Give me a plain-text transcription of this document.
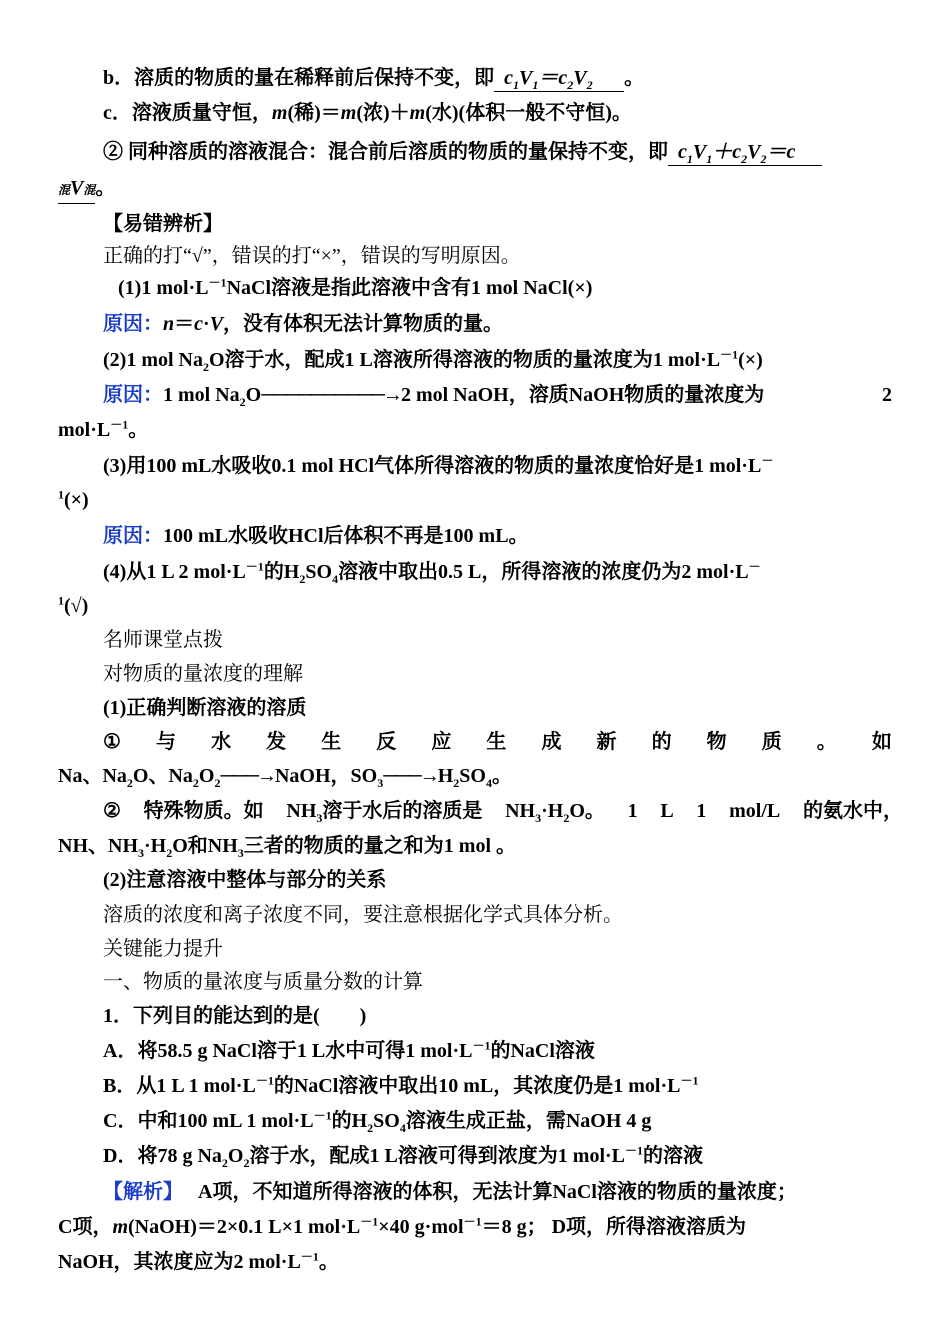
b．溶质的物质的量在稀释前后保持不变，即  $c_1V_1=c_2V_2$ 。
c．溶液质量守恒，m(稀)＝m(浓)＋m(水)(体积一般不守恒)。
② 同种溶质的溶液混合：混合前后溶质的物质的量保持不变，即  $c_1V_1+c_2V_2=c$
混V混。
【易错辨析】
正确的打“√”，错误的打“×”，错误的写明原因。
(1)1 $mol\cdot L^{-1}NaCl$溶液是指此溶液中含有1 mol NaCl(×)
原因：n＝c·V，没有体积无法计算物质的量。
(2)1 mol $Na_2O$溶于水，配成1 L溶液所得溶液的物质的量浓度为1 $mol\cdot L^{-1}(\times)$
原因：1 mol $Na_2O──────────\to 2$ mol NaOH，溶质NaOH物质的量浓度为	2
$mol\cdot L^{-1}$。
(3)用100 mL水吸收0.1 mol HCl气体所得溶液的物质的量浓度恰好是1 mol·L－
$^1$(×)
原因：100 mL水吸收HCl后体积不再是100 mL。
(4)从1 L 2 $mol\cdot L^{-1}$的$H_2SO_4$溶液中取出0.5 L，所得溶液的浓度仍为2 mol·L－
$^1$(√)
名师课堂点拨
对物质的量浓度的理解
(1)正确判断溶液的溶质
① 与 水 发 生 反 应 生 成 新 的 物 质 。 如
Na、$Na_2O$、$Na_2O_2───\to NaOH$，$SO_3───\to H_2SO_4$。
② 特殊物质。如 $NH_3$溶于水后的溶质是 $NH_3\cdot H_2O$。 1 L 1 mol/L 的氨水中，
NH、$NH_3\cdot H_2O$和$NH_3$三者的物质的量之和为1 mol 。
(2)注意溶液中整体与部分的关系
溶质的浓度和离子浓度不同，要注意根据化学式具体分析。
关键能力提升
一、物质的量浓度与质量分数的计算
1．下列目的能达到的是(　　)
A．将58.5 g NaCl溶于1 L水中可得1 $mol\cdot L^{-1}$的NaCl溶液
B．从1 L 1 $mol\cdot L^{-1}$的NaCl溶液中取出10 mL，其浓度仍是1 $mol\cdot L^{-1}$
C．中和100 mL 1 $mol\cdot L^{-1}$的$H_2SO_4$溶液生成正盐，需NaOH 4 g
D．将78 g $Na_2O_2$溶于水，配成1 L溶液可得到浓度为1 $mol\cdot L^{-1}$的溶液
【解析】   A项，不知道所得溶液的体积，无法计算NaCl溶液的物质的量浓度；
C项，m(NaOH)＝2×0.1 L×1 $mol\cdot L^{-1}\times 40$ g·mol$^{-1}$＝8 g； D项，所得溶液溶质为
NaOH，其浓度应为2 $mol\cdot L^{-1}$。
b．溶质的物质的量在稀释前后保持不变，即c1V1＝c2V2c．溶液质量守恒，m(稀)＝m(浓)＋m(水)(体积一般不守恒)。② 同种溶质的溶液混合：混合前后溶质的物质的量保持不变，即c1V1＋c2V2＝c混V混(1)1 mol·L⁻¹NaCl溶液是指此溶液中含有1 mol NaCl(×)n＝c·V，没有体积无法计算物质的量。(2)1 mol Na2O溶于水，配成1 L溶液所得溶液的物质的量浓度为1 mol·L⁻¹(×)1 mol Na2O→2 mol NaOH，溶质NaOH物质的量浓度为2 mol·L⁻¹。(3)用100 mL水吸收0.1 mol HCl气体所得溶液的物质的量浓度恰好是1 mol·L⁻¹(×)100 mL水吸收HCl后体积不再是100 mL。(4)从1 L 2 mol·L⁻¹的H2SO4溶液中取出0.5 L，所得溶液的浓度仍为2 mol·L⁻¹(√)① 与水发生反应生成新的物质。如Na、Na2O、Na2O2→NaOH，SO3→H2SO4。② 特殊物质。如NH3溶于水后的溶质是NH3·H2O。1 L 1 mol/L的氨水中，NH、NH3·H2O和NH3三者的物质的量之和为1 mol。A．将58.5 g NaCl溶于1 L水中可得1 mol·L⁻¹的NaCl溶液B．从1 L 1 mol·L⁻¹的NaCl溶液中取出10 mL，其浓度仍是1 mol·L⁻¹C．中和100 mL 1 mol·L⁻¹的H2SO4溶液生成正盐，需NaOH 4 gD．将78 g Na2O2溶于水，配成1 L溶液可得到浓度为1 mol·L⁻¹的溶液A项，不知道所得溶液的体积，无法计算NaCl溶液的物质的量浓度；C项，m(NaOH)＝2×0.1 L×1 mol·L⁻¹×40 g·mol⁻¹＝8 g；D项，所得溶液溶质为NaOH，其浓度应为2 mol·L⁻¹。
